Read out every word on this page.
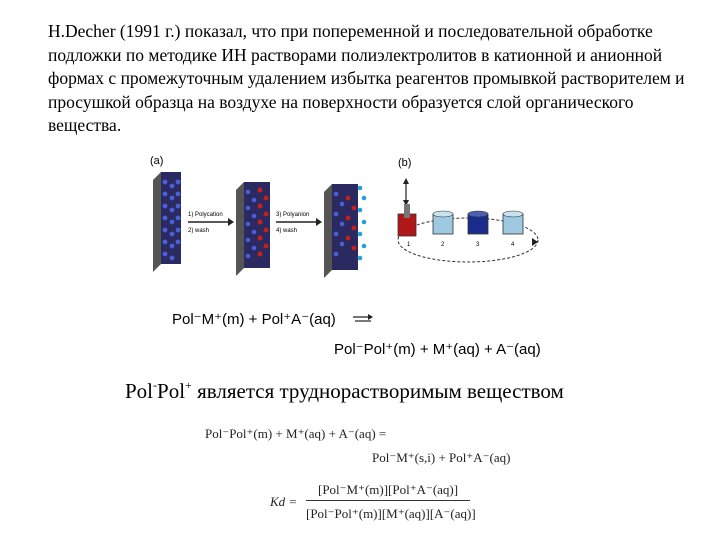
Н.Decher (1991 г.) показал, что при попеременной и последовательной обработке подложки по методике ИН растворами полиэлектролитов в катионной и анионной формах с промежуточным удалением избытка реагентов промывкой растворителем и просушкой образца на воздухе на поверхности образуется слой органического вещества.
(a)	(b)
1) Polycation
2) wash
3) Polyanion
4) wash
1	2	3	4
Pol⁻M⁺(m) + Pol⁺A⁻(aq)
Pol⁻Pol⁺(m) + M⁺(aq) + A⁻(aq)
Pol-Pol+ является труднорастворимым веществом
Pol⁻Pol⁺(m) + M⁺(aq) + A⁻(aq) =
Pol⁻M⁺(s,i) + Pol⁺A⁻(aq)
Kd =
[Pol⁻M⁺(m)][Pol⁺A⁻(aq)]
[Pol⁻Pol⁺(m)][M⁺(aq)][A⁻(aq)]
